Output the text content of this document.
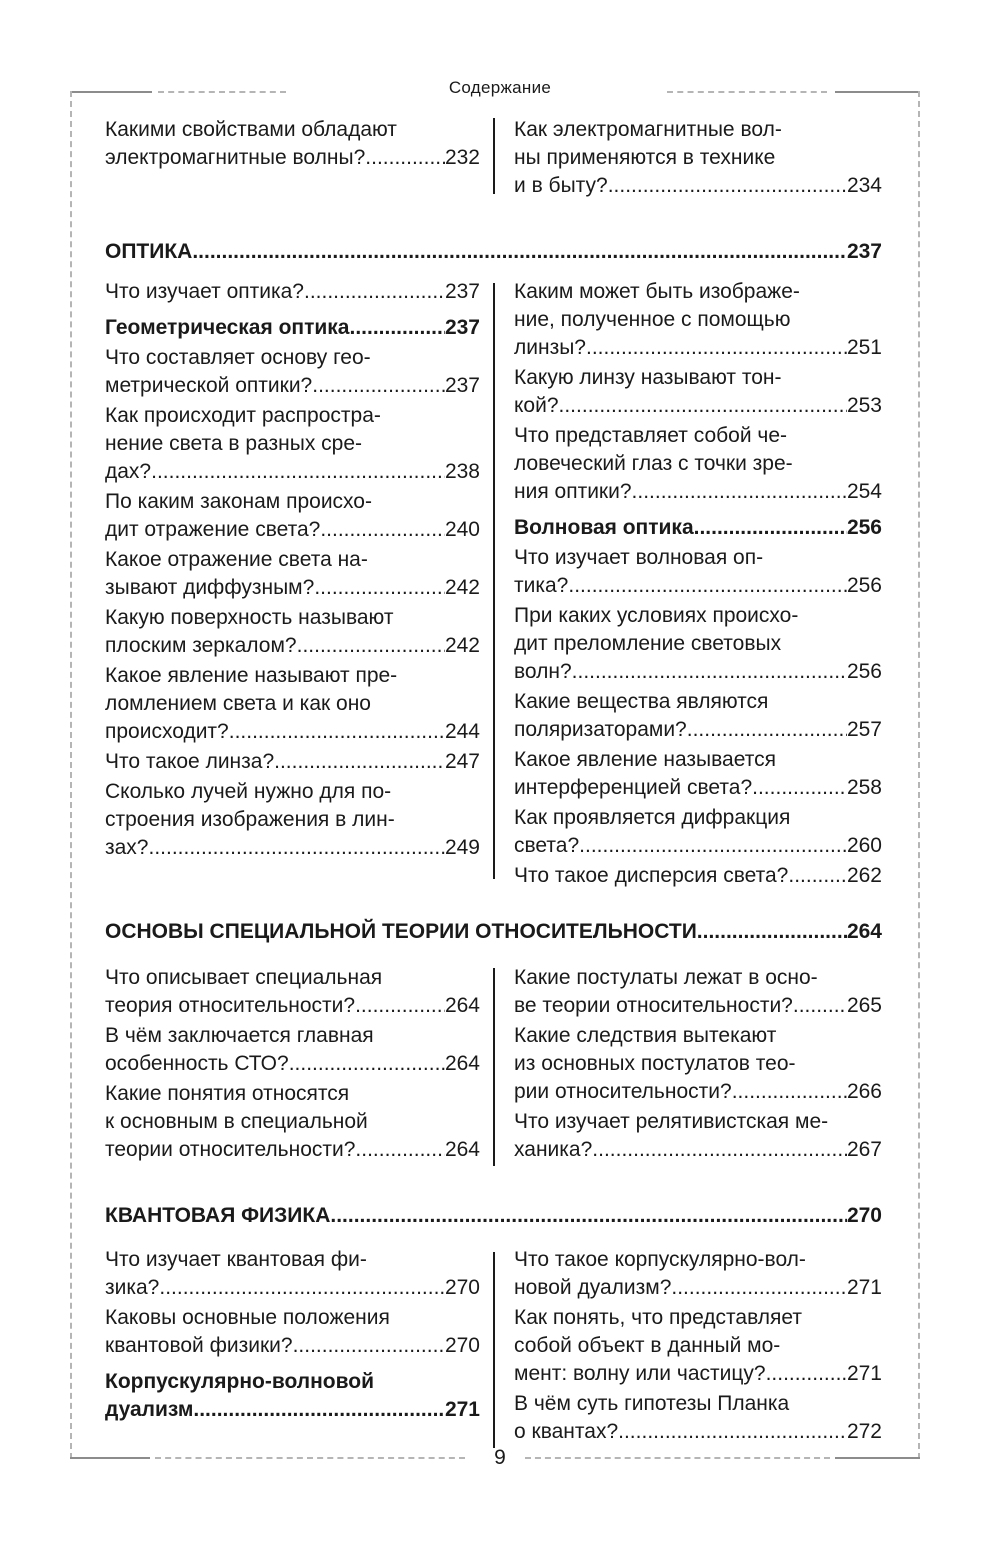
Содержание
9
Какими свойствами обладают
электромагнитные волны? .....	232
Как электромагнитные вол-
ны применяются в технике
и в быту? .....	234
ОПТИКА .....	237
Что изучает оптика? .....	237
Геометрическая оптика .....	237
Что составляет основу гео-
метрической оптики? .....	237
Как происходит распростра-
нение света в разных сре-
дах? .....	238
По каким законам происхо-
дит отражение света? .....	240
Какое отражение света на-
зывают диффузным? .....	242
Какую поверхность называют
плоским зеркалом? .....	242
Какое явление называют пре-
ломлением света и как оно
происходит? .....	244
Что такое линза? .....	247
Сколько лучей нужно для по-
строения изображения в лин-
зах? .....	249
Каким может быть изображе-
ние, полученное с помощью
линзы? .....	251
Какую линзу называют тон-
кой? .....	253
Что представляет собой че-
ловеческий глаз с точки зре-
ния оптики? .....	254
Волновая оптика .....	256
Что изучает волновая оп-
тика? .....	256
При каких условиях происхо-
дит преломление световых
волн? .....	256
Какие вещества являются
поляризаторами? .....	257
Какое явление называется
интерференцией света? .....	258
Как проявляется дифракция
света? .....	260
Что такое дисперсия света? .....	262
ОСНОВЫ СПЕЦИАЛЬНОЙ ТЕОРИИ ОТНОСИТЕЛЬНОСТИ .....	264
Что описывает специальная
теория относительности? .....	264
В чём заключается главная
особенность СТО? .....	264
Какие понятия относятся
к основным в специальной
теории относительности? .....	264
Какие постулаты лежат в осно-
ве теории относительности? .....	265
Какие следствия вытекают
из основных постулатов тео-
рии относительности? .....	266
Что изучает релятивистская ме-
ханика? .....	267
КВАНТОВАЯ ФИЗИКА .....	270
Что изучает квантовая фи-
зика? .....	270
Каковы основные положения
квантовой физики? .....	270
Корпускулярно-волновой
дуализм .....	271
Что такое корпускулярно-вол-
новой дуализм? .....	271
Как понять, что представляет
собой объект в данный мо-
мент: волну или частицу? .....	271
В чём суть гипотезы Планка
о квантах? .....	272
